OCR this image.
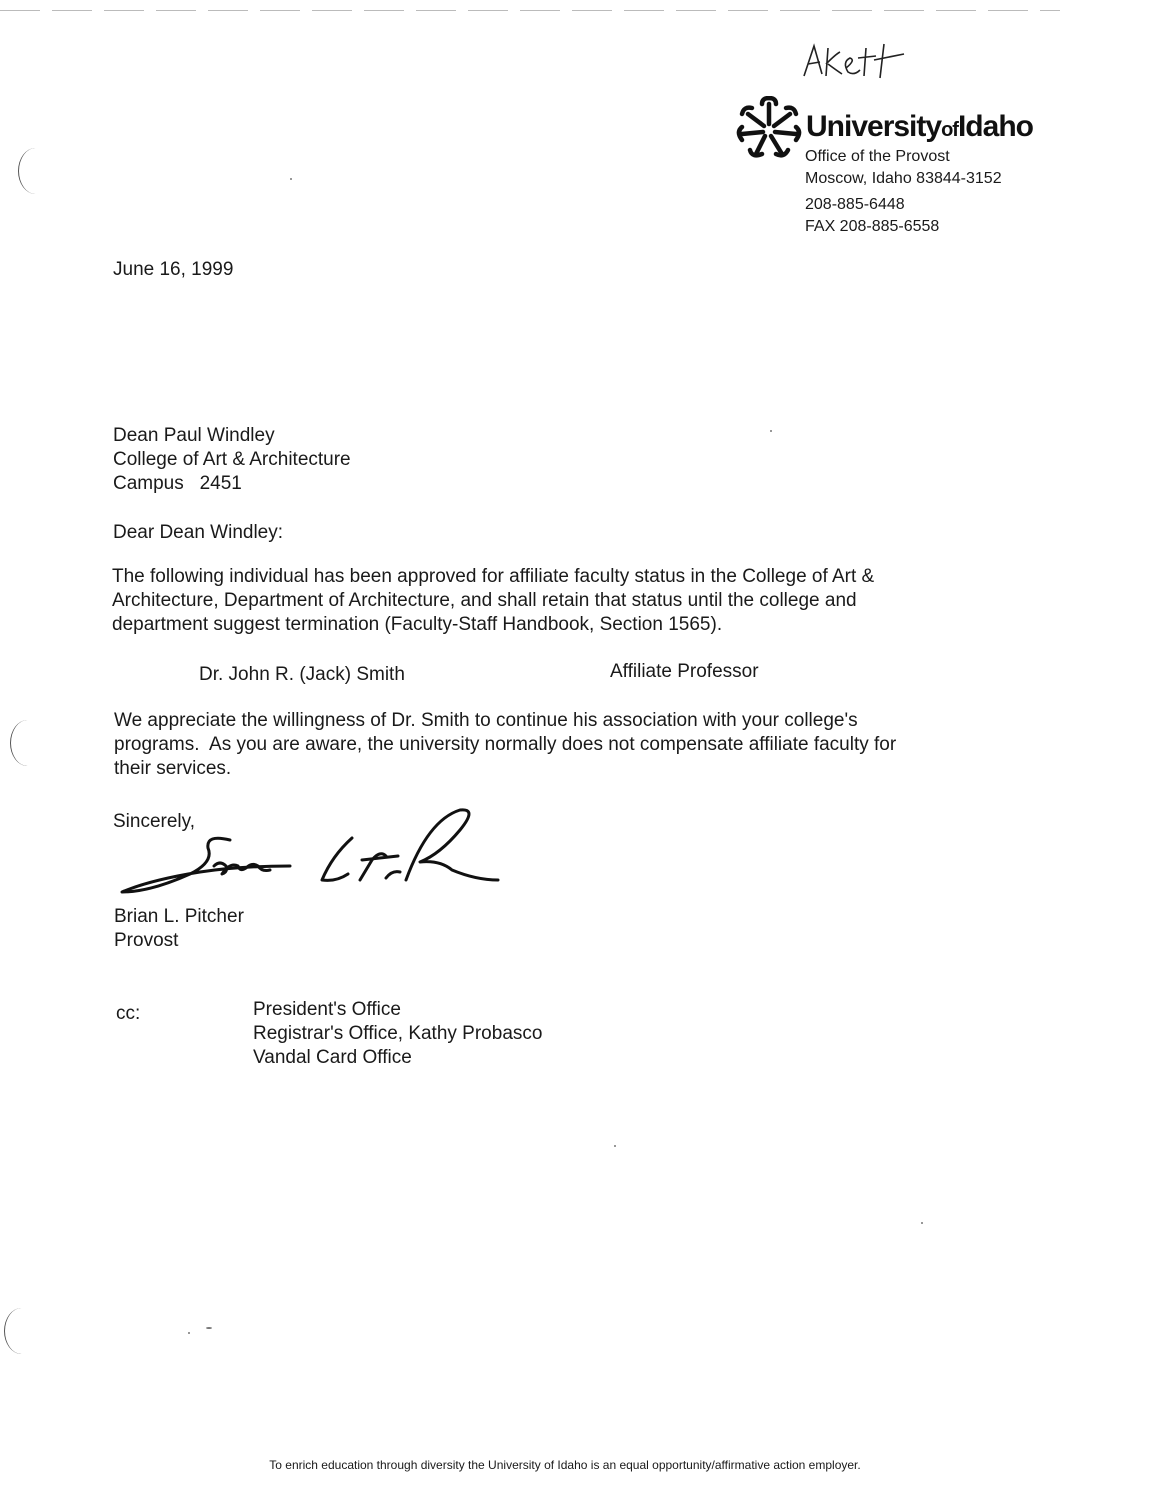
UniversityofIdaho
Office of the Provost
Moscow, Idaho 83844-3152
208-885-6448
FAX 208-885-6558
June 16, 1999
Dean Paul Windley
College of Art & Architecture
Campus   2451
Dear Dean Windley:
The following individual has been approved for affiliate faculty status in the College of Art &
Architecture, Department of Architecture, and shall retain that status until the college and
department suggest termination (Faculty-Staff Handbook, Section 1565).
Dr. John R. (Jack) Smith	Affiliate Professor
We appreciate the willingness of Dr. Smith to continue his association with your college's
programs.  As you are aware, the university normally does not compensate affiliate faculty for
their services.
Sincerely,
Brian L. Pitcher
Provost
cc:	President's Office
Registrar's Office, Kathy Probasco
Vandal Card Office
To enrich education through diversity the University of Idaho is an equal opportunity/affirmative action employer.
